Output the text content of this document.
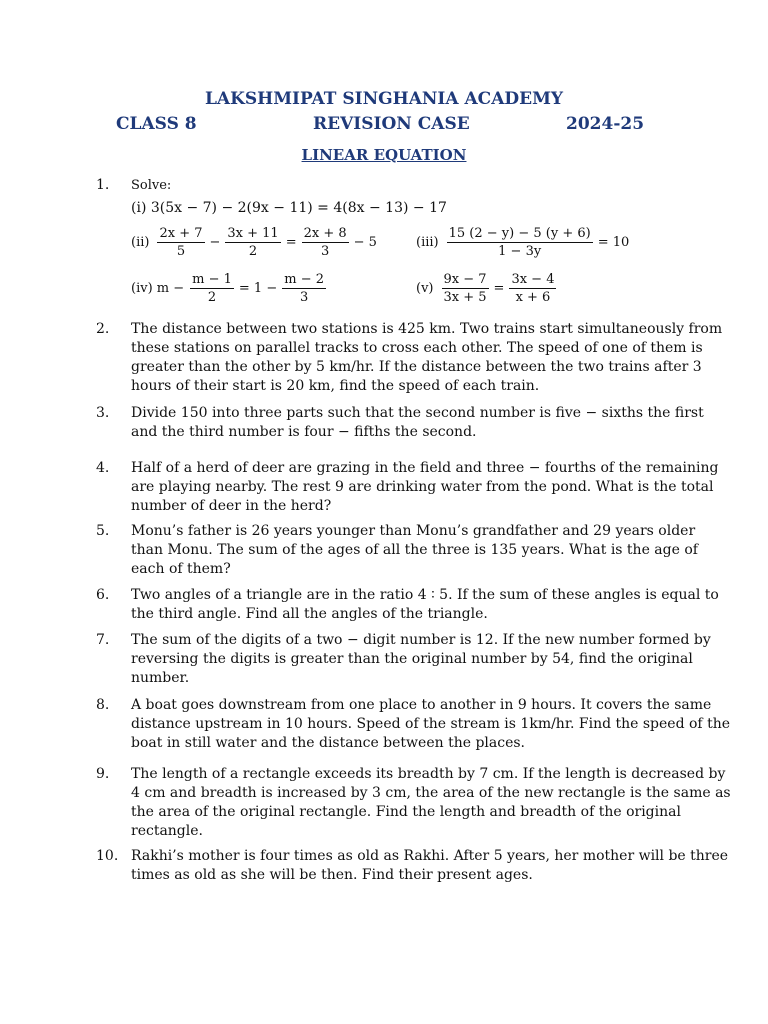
LAKSHMIPAT SINGHANIA ACADEMY
CLASS 8	REVISION CASE	2024-25
LINEAR EQUATION
1. Solve:
(i) 3(5x − 7) − 2(9x − 11) = 4(8x − 13) − 17
$(ii) \frac{2x + 7}{5} - \frac{3x + 11}{2} = \frac{2x + 8}{3} - 5$	$(iii) \frac{15 (2 - y) - 5 (y + 6)}{1 - 3y} = 10$
(iv) $m - \frac{m - 1}{2} = 1 - \frac{m - 2}{3}$	$(v) \frac{9x - 7}{3x + 5} = \frac{3x - 4}{x + 6}$
2. The distance between two stations is 425 km. Two trains start simultaneously from these stations on parallel tracks to cross each other. The speed of one of them is greater than the other by 5 km/hr. If the distance between the two trains after 3 hours of their start is 20 km, find the speed of each train.
3. Divide 150 into three parts such that the second number is five − sixths the first and the third number is four − fifths the second.
4. Half of a herd of deer are grazing in the field and three − fourths of the remaining are playing nearby. The rest 9 are drinking water from the pond. What is the total number of deer in the herd?
5. Monu’s father is 26 years younger than Monu’s grandfather and 29 years older than Monu. The sum of the ages of all the three is 135 years. What is the age of each of them?
6. Two angles of a triangle are in the ratio 4 ∶ 5. If the sum of these angles is equal to the third angle. Find all the angles of the triangle.
7. The sum of the digits of a two − digit number is 12. If the new number formed by reversing the digits is greater than the original number by 54, find the original number.
8. A boat goes downstream from one place to another in 9 hours. It covers the same distance upstream in 10 hours. Speed of the stream is 1km/hr. Find the speed of the boat in still water and the distance between the places.
9. The length of a rectangle exceeds its breadth by 7 cm. If the length is decreased by 4 cm and breadth is increased by 3 cm, the area of the new rectangle is the same as the area of the original rectangle. Find the length and breadth of the original rectangle.
10. Rakhi’s mother is four times as old as Rakhi. After 5 years, her mother will be three times as old as she will be then. Find their present ages.
